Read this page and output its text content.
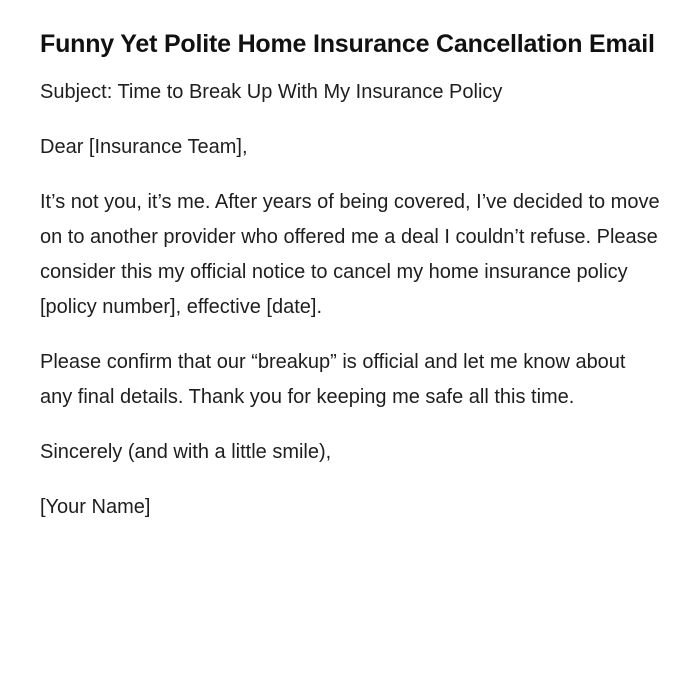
Funny Yet Polite Home Insurance Cancellation Email

Subject: Time to Break Up With My Insurance Policy

Dear [Insurance Team],

It’s not you, it’s me. After years of being covered, I’ve decided to move on to another provider who offered me a deal I couldn’t refuse. Please consider this my official notice to cancel my home insurance policy [policy number], effective [date].

Please confirm that our “breakup” is official and let me know about any final details. Thank you for keeping me safe all this time.

Sincerely (and with a little smile),

[Your Name]
